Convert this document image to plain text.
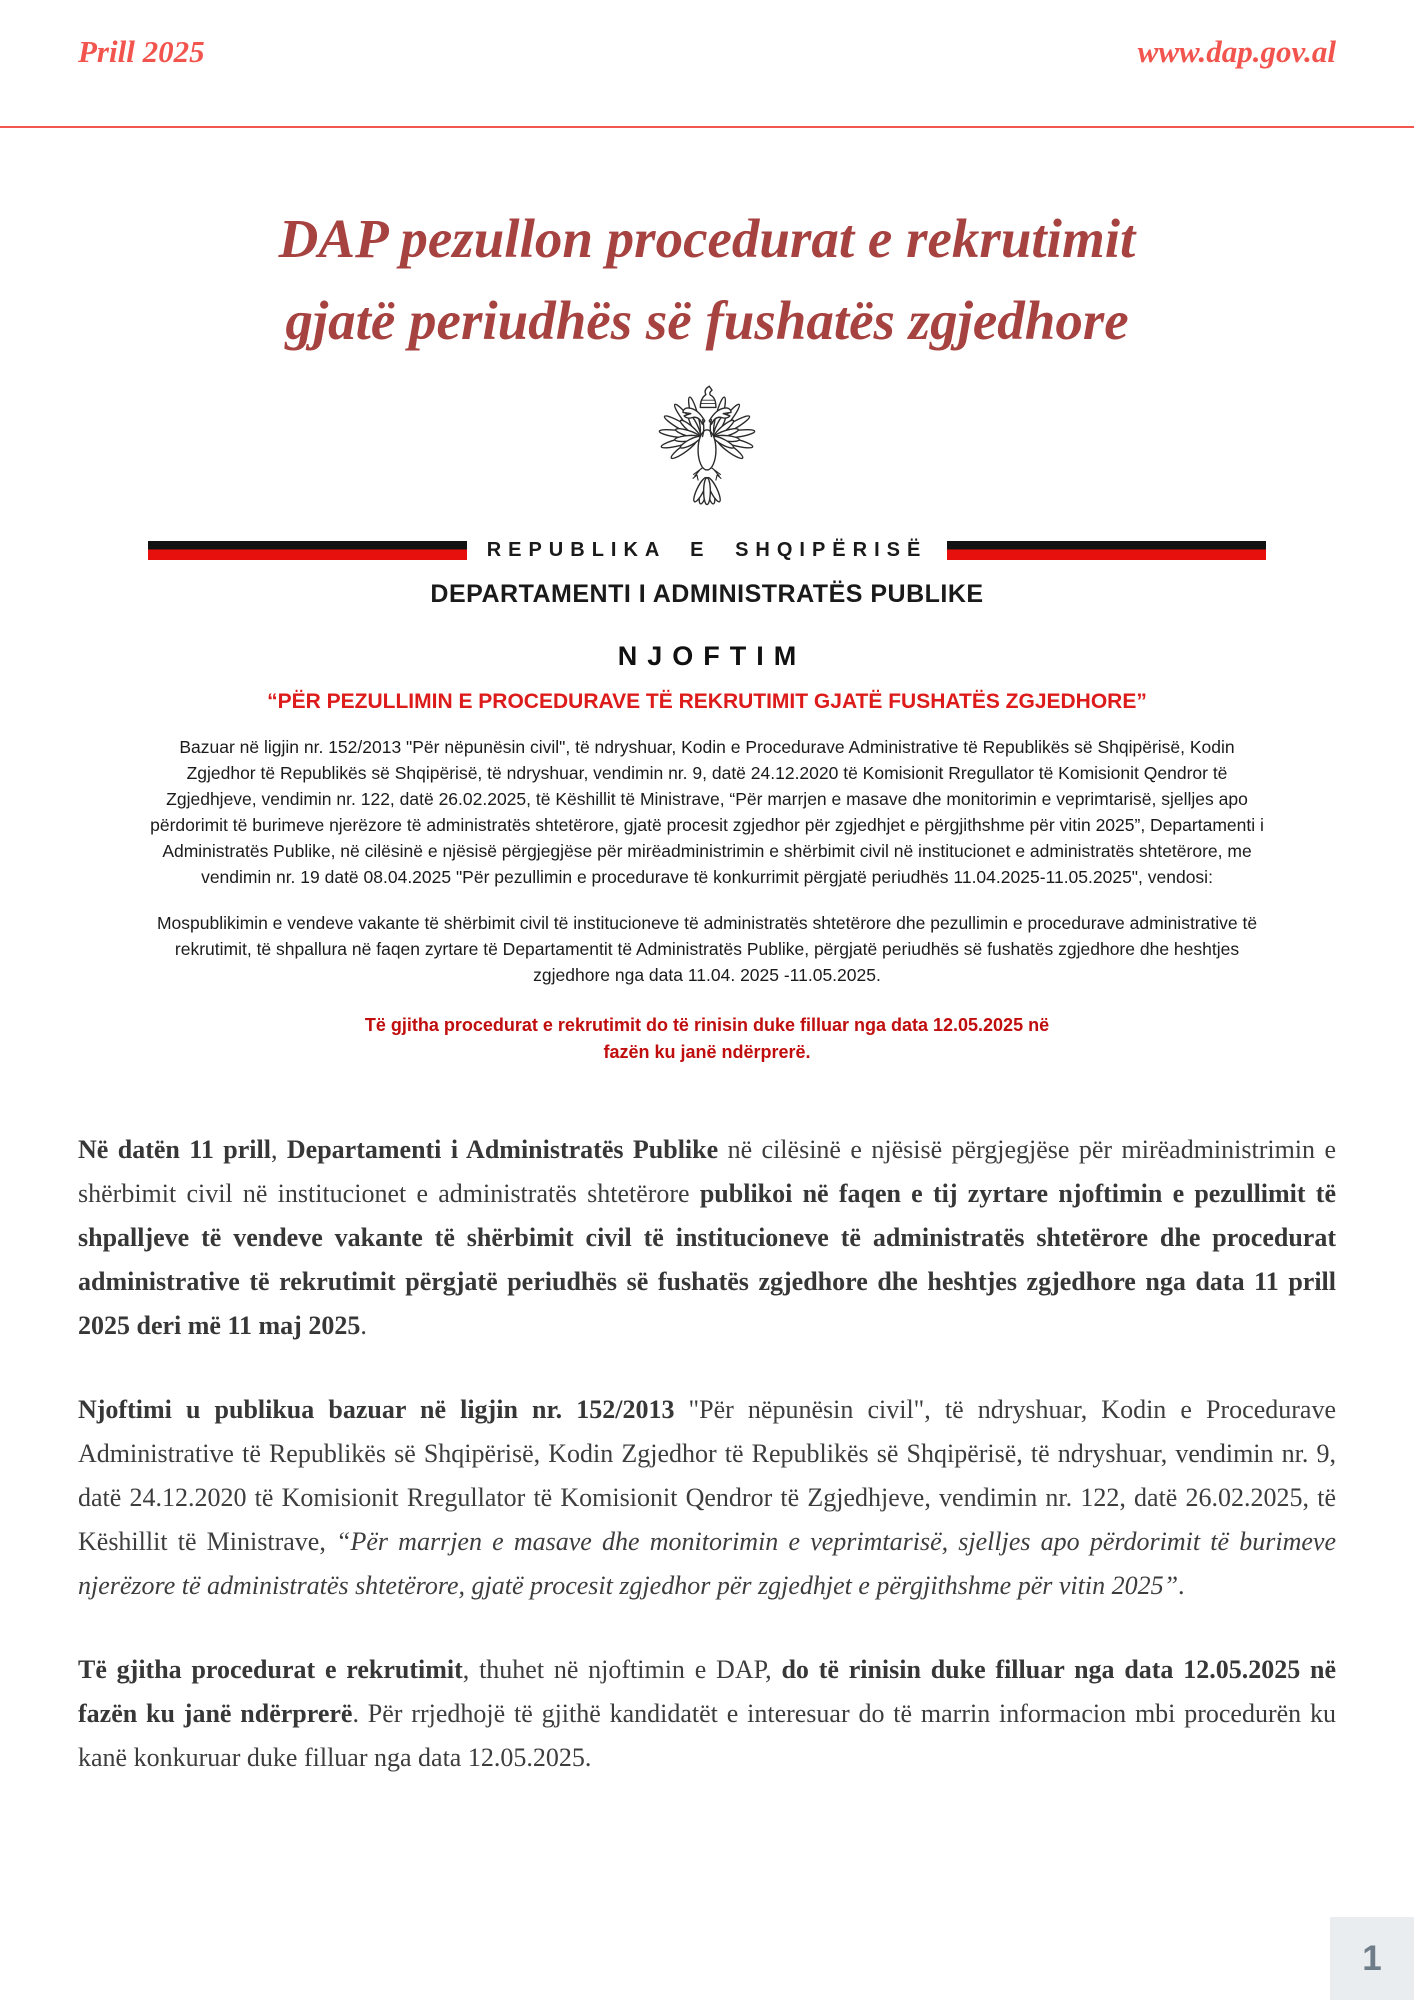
Prill 2025	www.dap.gov.al
DAP pezullon procedurat e rekrutimit
gjatë periudhës së fushatës zgjedhore
REPUBLIKA E SHQIPËRISË
DEPARTAMENTI I ADMINISTRATËS PUBLIKE
NJOFTIM
“PËR PEZULLIMIN E PROCEDURAVE TË REKRUTIMIT GJATË FUSHATËS ZGJEDHORE”

Bazuar në ligjin nr. 152/2013 "Për nëpunësin civil", të ndryshuar, Kodin e Procedurave Administrative të Republikës së Shqipërisë, Kodin Zgjedhor të Republikës së Shqipërisë, të ndryshuar, vendimin nr. 9, datë 24.12.2020 të Komisionit Rregullator të Komisionit Qendror të Zgjedhjeve, vendimin nr. 122, datë 26.02.2025, të Këshillit të Ministrave, “Për marrjen e masave dhe monitorimin e veprimtarisë, sjelljes apo përdorimit të burimeve njerëzore të administratës shtetërore, gjatë procesit zgjedhor për zgjedhjet e përgjithshme për vitin 2025”, Departamenti i Administratës Publike, në cilësinë e njësisë përgjegjëse për mirëadministrimin e shërbimit civil në institucionet e administratës shtetërore, me vendimin nr. 19 datë 08.04.2025 "Për pezullimin e procedurave të konkurrimit përgjatë periudhës 11.04.2025-11.05.2025", vendosi:

Mospublikimin e vendeve vakante të shërbimit civil të institucioneve të administratës shtetërore dhe pezullimin e procedurave administrative të rekrutimit, të shpallura në faqen zyrtare të Departamentit të Administratës Publike, përgjatë periudhës së fushatës zgjedhore dhe heshtjes zgjedhore nga data 11.04. 2025 -11.05.2025.

Të gjitha procedurat e rekrutimit do të rinisin duke filluar nga data 12.05.2025 në fazën ku janë ndërprerë.

Në datën 11 prill, Departamenti i Administratës Publike në cilësinë e njësisë përgjegjëse për mirëadministrimin e shërbimit civil në institucionet e administratës shtetërore publikoi në faqen e tij zyrtare njoftimin e pezullimit të shpalljeve të vendeve vakante të shërbimit civil të institucioneve të administratës shtetërore dhe procedurat administrative të rekrutimit përgjatë periudhës së fushatës zgjedhore dhe heshtjes zgjedhore nga data 11 prill 2025 deri më 11 maj 2025.

Njoftimi u publikua bazuar në ligjin nr. 152/2013 "Për nëpunësin civil", të ndryshuar, Kodin e Procedurave Administrative të Republikës së Shqipërisë, Kodin Zgjedhor të Republikës së Shqipërisë, të ndryshuar, vendimin nr. 9, datë 24.12.2020 të Komisionit Rregullator të Komisionit Qendror të Zgjedhjeve, vendimin nr. 122, datë 26.02.2025, të Këshillit të Ministrave, “Për marrjen e masave dhe monitorimin e veprimtarisë, sjelljes apo përdorimit të burimeve njerëzore të administratës shtetërore, gjatë procesit zgjedhor për zgjedhjet e përgjithshme për vitin 2025”.

Të gjitha procedurat e rekrutimit, thuhet në njoftimin e DAP, do të rinisin duke filluar nga data 12.05.2025 në fazën ku janë ndërprerë. Për rrjedhojë të gjithë kandidatët e interesuar do të marrin informacion mbi procedurën ku kanë konkuruar duke filluar nga data 12.05.2025.

1
